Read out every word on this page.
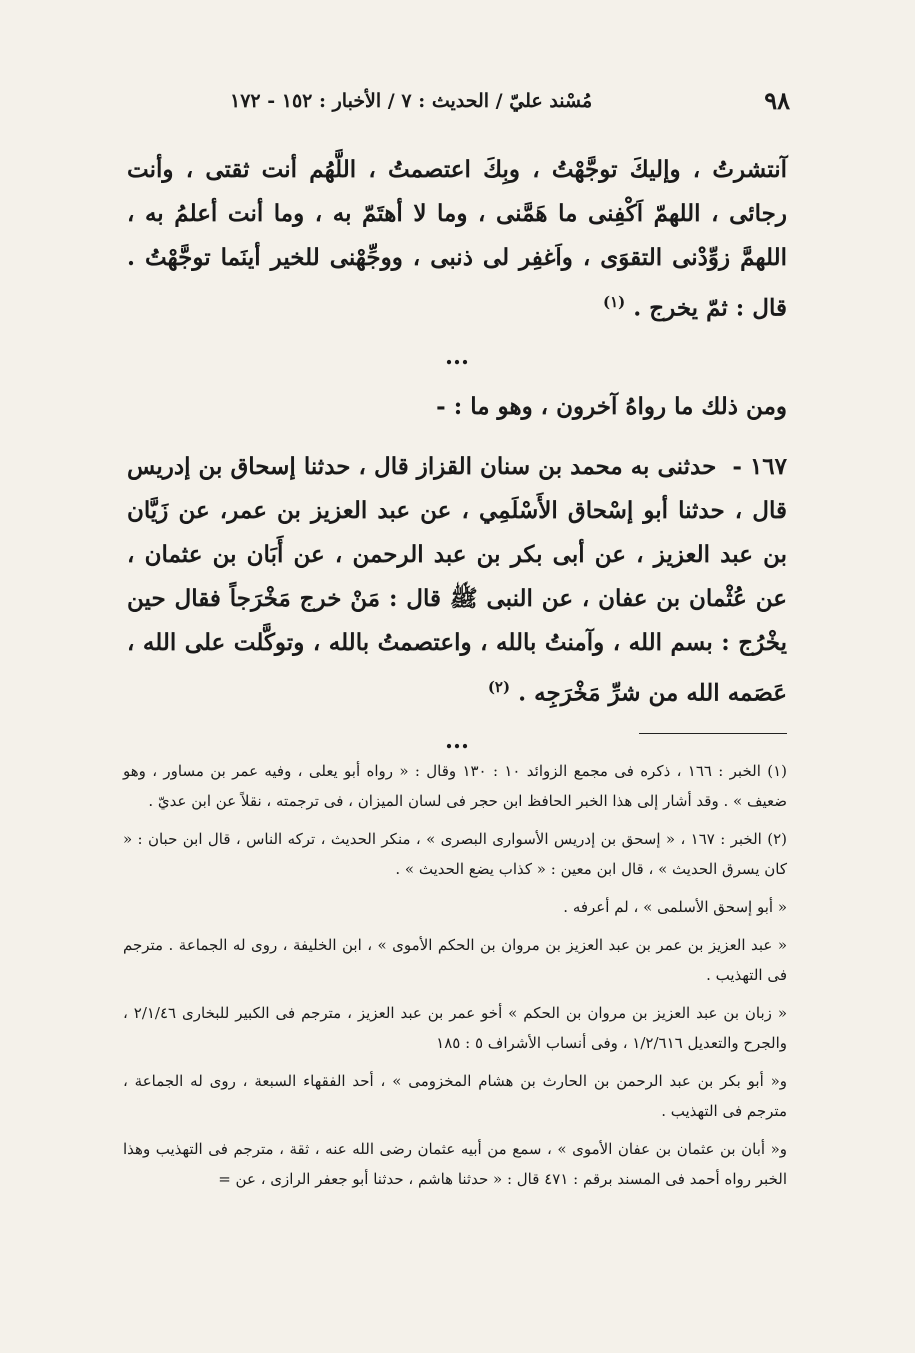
٩٨
مُسْند عليّ / الحديث : ٧ / الأخبار : ١٥٢ - ١٧٢

آنتشرتُ ، وإليكَ توجَّهْتُ ، وبِكَ اعتصمتُ ، اللَّهُم أنت ثقتى ، وأنت رجائى ، اللهمّ اَكْفِنى ما هَمَّنى ، وما لا أهتَمّ به ، وما أنت أعلمُ به ، اللهمَّ زوِّدْنى التقوَى ، واَغفِر لى ذنبى ، ووجِّهْنى للخير أينَما توجَّهْتُ . قال : ثمّ يخرج . $^{(١)}$

...

ومن ذلك ما رواهُ آخرون ، وهو ما : -

١٦٧ - حدثنى به محمد بن سنان القزاز قال ، حدثنا إسحاق بن إدريس قال ، حدثنا أبو إسْحاق الأَسْلَمِي ، عن عبد العزيز بن عمر، عن زَيَّان بن عبد العزيز ، عن أبى بكر بن عبد الرحمن ، عن أَبَان بن عثمان ، عن عُثْمان بن عفان ، عن النبى ﷺ قال : مَنْ خرج مَخْرَجاً فقال حين يخْرُج : بسم الله ، وآمنتُ بالله ، واعتصمتُ بالله ، وتوكَّلت على الله ، عَصَمه الله من شرِّ مَخْرَجِه . $^{(٢)}$

...

(١) الخبر : ١٦٦ ، ذكره فى مجمع الزوائد ١٠ : ١٣٠ وقال : « رواه أبو يعلى ، وفيه عمر بن مساور ، وهو ضعيف » . وقد أشار إلى هذا الخبر الحافظ ابن حجر فى لسان الميزان ، فى ترجمته ، نقلاً عن ابن عديّ .

(٢) الخبر : ١٦٧ ، « إسحق بن إدريس الأسوارى البصرى » ، منكر الحديث ، تركه الناس ، قال ابن حبان : « كان يسرق الحديث » ، قال ابن معين : « كذاب يضع الحديث » .

« أبو إسحق الأسلمى » ، لم أعرفه .

« عبد العزيز بن عمر بن عبد العزيز بن مروان بن الحكم الأموى » ، ابن الخليفة ، روى له الجماعة . مترجم فى التهذيب .

« زبان بن عبد العزيز بن مروان بن الحكم » أخو عمر بن عبد العزيز ، مترجم فى الكبير للبخارى ٢/١/٤٦ ، والجرح والتعديل ١/٢/٦١٦ ، وفى أنساب الأشراف ٥ : ١٨٥

و« أبو بكر بن عبد الرحمن بن الحارث بن هشام المخزومى » ، أحد الفقهاء السبعة ، روى له الجماعة ، مترجم فى التهذيب .

و« أبان بن عثمان بن عفان الأموى » ، سمع من أبيه عثمان رضى الله عنه ، ثقة ، مترجم فى التهذيب وهذا الخبر رواه أحمد فى المسند برقم : ٤٧١ قال : « حدثنا هاشم ، حدثنا أبو جعفر الرازى ، عن =
